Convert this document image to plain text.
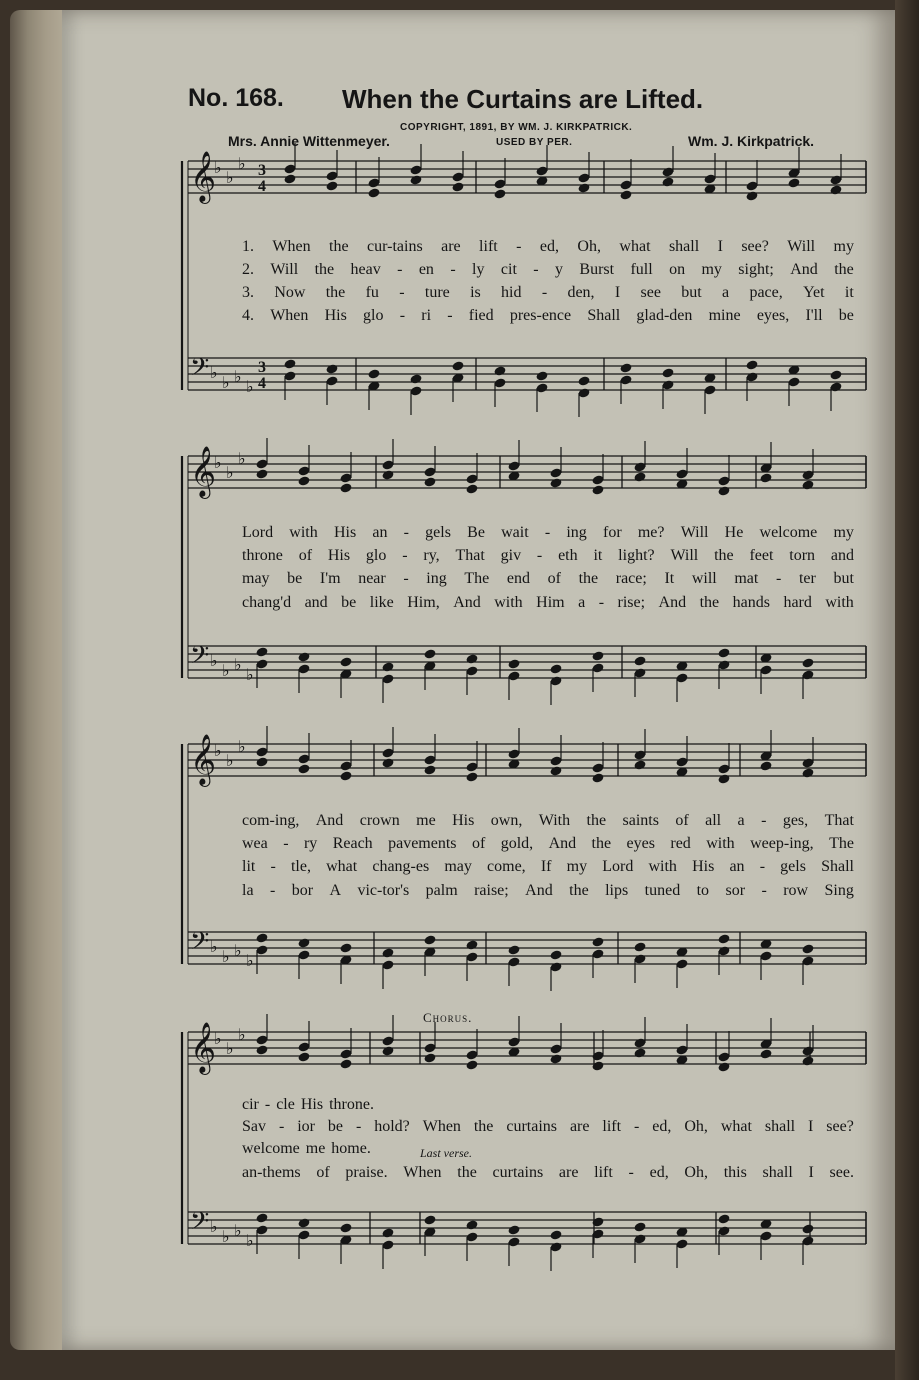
No. 168. When the Curtains are Lifted.
COPYRIGHT, 1891, BY WM. J. KIRKPATRICK.
USED BY PER.
Mrs. Annie Wittenmeyer.	Wm. J. Kirkpatrick.
𝄞
♭
♭
♭
𝄢 ♭
♭ ♭
♭
𝄞
♭
♭
♭
𝄢 ♭
♭ ♭
♭
𝄞
♭
♭
♭
𝄢 ♭
♭ ♭
♭
𝄞
♭
♭
♭
𝄢 ♭
♭ ♭
♭
3
4
3
4
1. When the cur-tains are lift - ed, Oh, what shall I see? Will my
2. Will the heav - en - ly cit - y Burst full on my sight; And the
3. Now the fu - ture is hid - den, I see but a pace, Yet it
4. When His glo - ri - fied pres-ence Shall glad-den mine eyes, I'll be
Lord with His an - gels Be wait - ing for me? Will He welcome my
throne of His glo - ry, That giv - eth it light? Will the feet torn and
may be I'm near - ing The end of the race; It will mat - ter but
chang'd and be like Him, And with Him a - rise; And the hands hard with
com-ing, And crown me His own, With the saints of all a - ges, That
wea - ry Reach pavements of gold, And the eyes red with weep-ing, The
lit - tle, what chang-es may come, If my Lord with His an - gels Shall
la - bor A vic-tor's palm raise; And the lips tuned to sor - row Sing
cir - cle His throne.
Sav - ior be - hold? When the curtains are lift - ed, Oh, what shall I see?
welcome me home.
an-thems of praise. When the curtains are lift - ed, Oh, this shall I see.
Chorus.
Last verse.
